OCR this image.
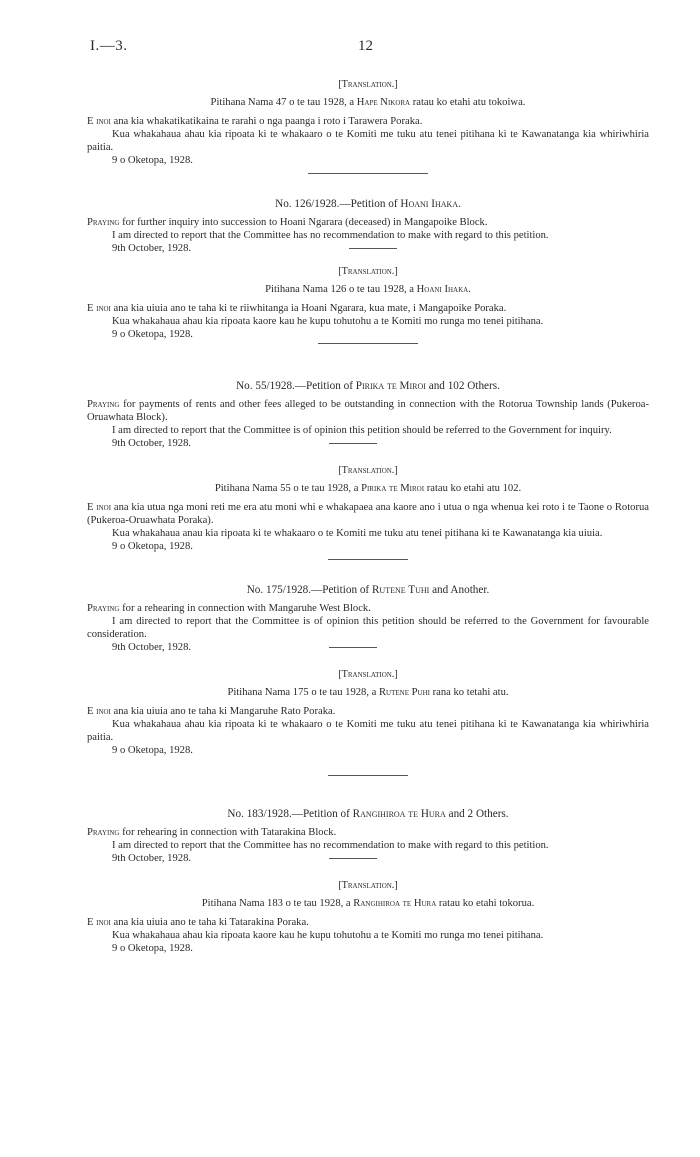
I.—3.	12
[Translation.]
Pitihana Nama 47 o te tau 1928, a Hape Nikora ratau ko etahi atu tokoiwa.

E inoi ana kia whakatikatikaina te rarahi o nga paanga i roto i Tarawera Poraka.

Kua whakahaua ahau kia ripoata ki te whakaaro o te Komiti me tuku atu tenei pitihana ki te Kawanatanga kia whiriwhiria paitia.

9 o Oketopa, 1928.
No. 126/1928.—Petition of Hoani Ihaka.

Praying for further inquiry into succession to Hoani Ngarara (deceased) in Mangapoike Block.

I am directed to report that the Committee has no recommendation to make with regard to this petition.

9th October, 1928.
[Translation.]
Pitihana Nama 126 o te tau 1928, a Hoani Ihaka.

E inoi ana kia uiuia ano te taha ki te riiwhitanga ia Hoani Ngarara, kua mate, i Mangapoike Poraka.

Kua whakahaua ahau kia ripoata kaore kau he kupu tohutohu a te Komiti mo runga mo tenei pitihana.

9 o Oketopa, 1928.
No. 55/1928.—Petition of Pirika te Miroi and 102 Others.

Praying for payments of rents and other fees alleged to be outstanding in connection with the Rotorua Township lands (Pukeroa-Oruawhata Block).

I am directed to report that the Committee is of opinion this petition should be referred to the Government for inquiry.

9th October, 1928.
[Translation.]
Pitihana Nama 55 o te tau 1928, a Pirika te Miroi ratau ko etahi atu 102.

E inoi ana kia utua nga moni reti me era atu moni whi e whakapaea ana kaore ano i utua o nga whenua kei roto i te Taone o Rotorua (Pukeroa-Oruawhata Poraka).

Kua whakahaua anau kia ripoata ki te whakaaro o te Komiti me tuku atu tenei pitihana ki te Kawanatanga kia uiuia.

9 o Oketopa, 1928.
No. 175/1928.—Petition of Rutene Tuhi and Another.

Praying for a rehearing in connection with Mangaruhe West Block.

I am directed to report that the Committee is of opinion this petition should be referred to the Government for favourable consideration.

9th October, 1928.
[Translation.]
Pitihana Nama 175 o te tau 1928, a Rutene Puhi rana ko tetahi atu.

E inoi ana kia uiuia ano te taha ki Mangaruhe Rato Poraka.

Kua whakahaua ahau kia ripoata ki te whakaaro o te Komiti me tuku atu tenei pitihana ki te Kawanatanga kia whiriwhiria paitia.

9 o Oketopa, 1928.
No. 183/1928.—Petition of Rangihiroa te Hura and 2 Others.

Praying for rehearing in connection with Tatarakina Block.

I am directed to report that the Committee has no recommendation to make with regard to this petition.

9th October, 1928.
[Translation.]
Pitihana Nama 183 o te tau 1928, a Rangihiroa te Hura ratau ko etahi tokorua.

E inoi ana kia uiuia ano te taha ki Tatarakina Poraka.

Kua whakahaua ahau kia ripoata kaore kau he kupu tohutohu a te Komiti mo runga mo tenei pitihana.

9 o Oketopa, 1928.
